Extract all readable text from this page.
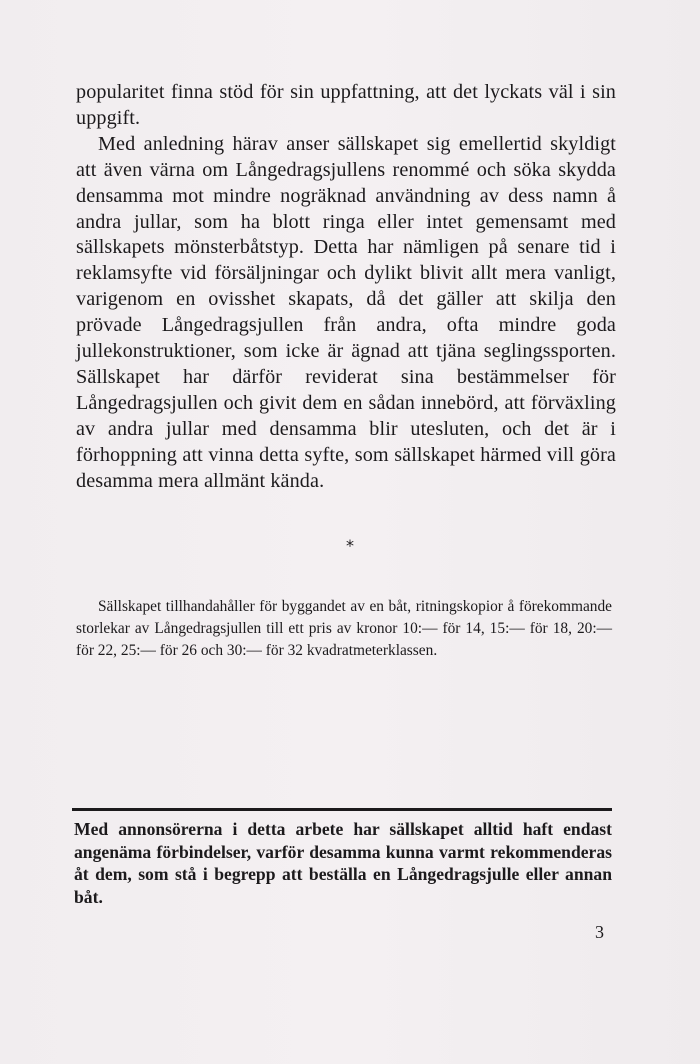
popularitet finna stöd för sin uppfattning, att det lyckats väl i sin uppgift.

Med anledning härav anser sällskapet sig emellertid skyldigt att även värna om Långedragsjullens renommé och söka skydda densamma mot mindre nogräknad användning av dess namn å andra jullar, som ha blott ringa eller intet gemensamt med sällskapets mönsterbåtstyp. Detta har nämligen på senare tid i reklamsyfte vid försäljningar och dylikt blivit allt mera vanligt, varigenom en ovisshet skapats, då det gäller att skilja den prövade Långedragsjullen från andra, ofta mindre goda jullekonstruktioner, som icke är ägnad att tjäna seglingssporten. Sällskapet har därför reviderat sina bestämmelser för Långedragsjullen och givit dem en sådan innebörd, att förväxling av andra jullar med densamma blir utesluten, och det är i förhoppning att vinna detta syfte, som sällskapet härmed vill göra desamma mera allmänt kända.

*

Sällskapet tillhandahåller för byggandet av en båt, ritningskopior å förekommande storlekar av Långedragsjullen till ett pris av kronor 10:— för 14, 15:— för 18, 20:— för 22, 25:— för 26 och 30:— för 32 kvadratmeterklassen.

Med annonsörerna i detta arbete har sällskapet alltid haft endast angenäma förbindelser, varför desamma kunna varmt rekommenderas åt dem, som stå i begrepp att beställa en Långedragsjulle eller annan båt.

3
